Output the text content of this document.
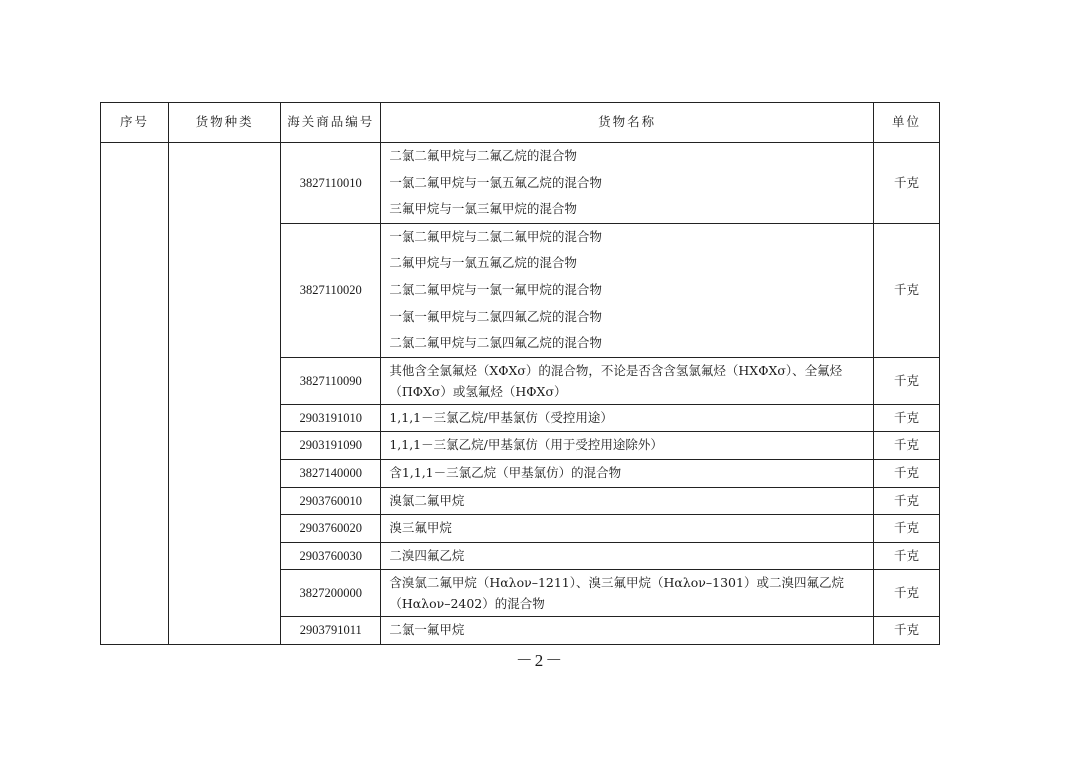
序号	货物种类	海关商品编号	货物名称	单位
		3827110010	二氯二氟甲烷与二氟乙烷的混合物
一氯二氟甲烷与一氯五氟乙烷的混合物
三氟甲烷与一氯三氟甲烷的混合物	千克
		3827110020	一氯二氟甲烷与二氯二氟甲烷的混合物
二氟甲烷与一氯五氟乙烷的混合物
二氯二氟甲烷与一氯一氟甲烷的混合物
一氯一氟甲烷与二氯四氟乙烷的混合物
二氯二氟甲烷与二氯四氟乙烷的混合物	千克
		3827110090	其他含全氯氟烃（XΦXσ）的混合物，不论是否含含氢氯氟烃（HXΦXσ）、全氟烃（ΠΦXσ）或氢氟烃（HΦXσ）	千克
		2903191010	1,1,1－三氯乙烷/甲基氯仿（受控用途）	千克
		2903191090	1,1,1－三氯乙烷/甲基氯仿（用于受控用途除外）	千克
		3827140000	含1,1,1－三氯乙烷（甲基氯仿）的混合物	千克
		2903760010	溴氯二氟甲烷	千克
		2903760020	溴三氟甲烷	千克
		2903760030	二溴四氟乙烷	千克
		3827200000	含溴氯二氟甲烷（Hαλον–1211）、溴三氟甲烷（Hαλον–1301）或二溴四氟乙烷（Hαλον–2402）的混合物	千克
		2903791011	二氯一氟甲烷	千克
－2－
